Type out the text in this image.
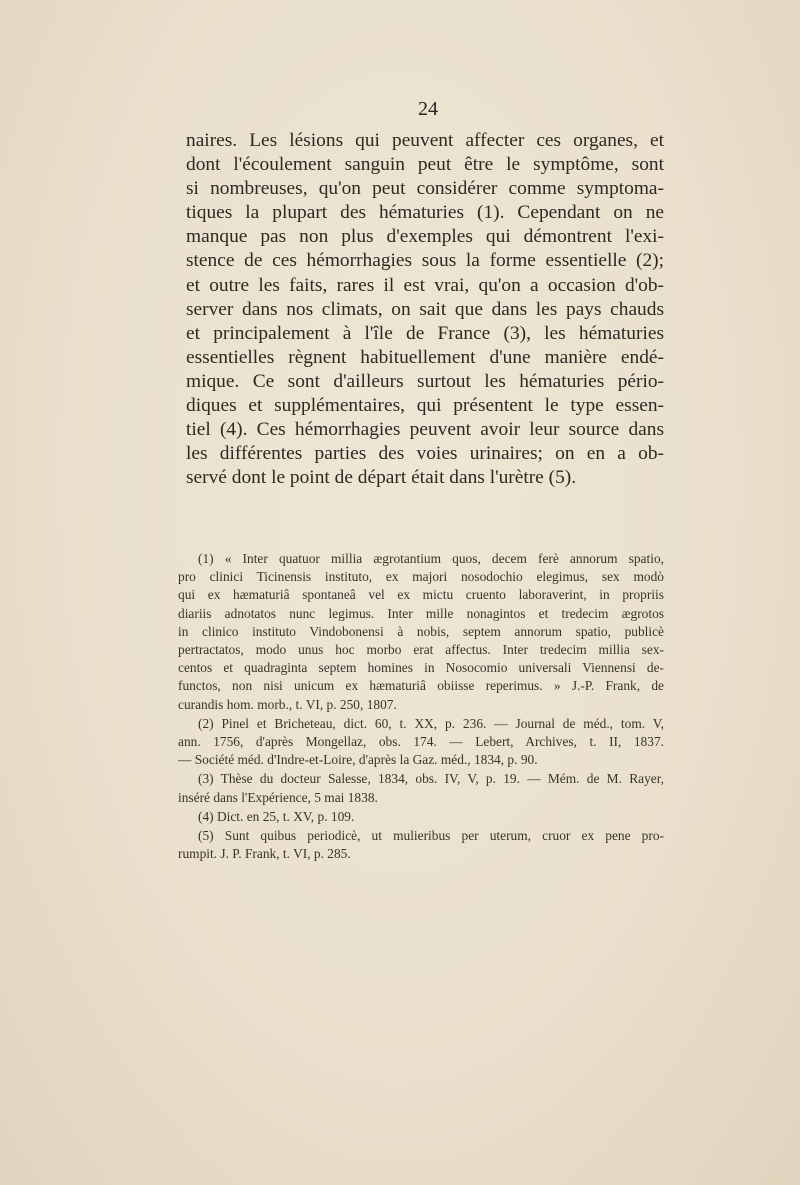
24
naires. Les lésions qui peuvent affecter ces organes, et
dont l'écoulement sanguin peut être le symptôme, sont
si nombreuses, qu'on peut considérer comme symptoma-
tiques la plupart des hématuries (1). Cependant on ne
manque pas non plus d'exemples qui démontrent l'exi-
stence de ces hémorrhagies sous la forme essentielle (2);
et outre les faits, rares il est vrai, qu'on a occasion d'ob-
server dans nos climats, on sait que dans les pays chauds
et principalement à l'île de France (3), les hématuries
essentielles règnent habituellement d'une manière endé-
mique. Ce sont d'ailleurs surtout les hématuries pério-
diques et supplémentaires, qui présentent le type essen-
tiel (4). Ces hémorrhagies peuvent avoir leur source dans
les différentes parties des voies urinaires; on en a ob-
servé dont le point de départ était dans l'urètre (5).
(1) « Inter quatuor millia ægrotantium quos, decem ferè annorum spatio,
pro clinici Ticinensis instituto, ex majori nosodochio elegimus, sex modò
qui ex hæmaturiâ spontaneâ vel ex mictu cruento laboraverint, in propriis
diariis adnotatos nunc legimus. Inter mille nonagintos et tredecim ægrotos
in clinico instituto Vindobonensi à nobis, septem annorum spatio, publicè
pertractatos, modo unus hoc morbo erat affectus. Inter tredecim millia sex-
centos et quadraginta septem homines in Nosocomio universali Viennensi de-
functos, non nisi unicum ex hæmaturiâ obiisse reperimus. » J.-P. Frank, de
curandis hom. morb., t. VI, p. 250, 1807.
(2) Pinel et Bricheteau, dict. 60, t. XX, p. 236. — Journal de méd., tom. V,
ann. 1756, d'après Mongellaz, obs. 174. — Lebert, Archives, t. II, 1837.
— Société méd. d'Indre-et-Loire, d'après la Gaz. méd., 1834, p. 90.
(3) Thèse du docteur Salesse, 1834, obs. IV, V, p. 19. — Mém. de M. Rayer,
inséré dans l'Expérience, 5 mai 1838.
(4) Dict. en 25, t. XV, p. 109.
(5) Sunt quibus periodicè, ut mulieribus per uterum, cruor ex pene pro-
rumpit. J. P. Frank, t. VI, p. 285.
